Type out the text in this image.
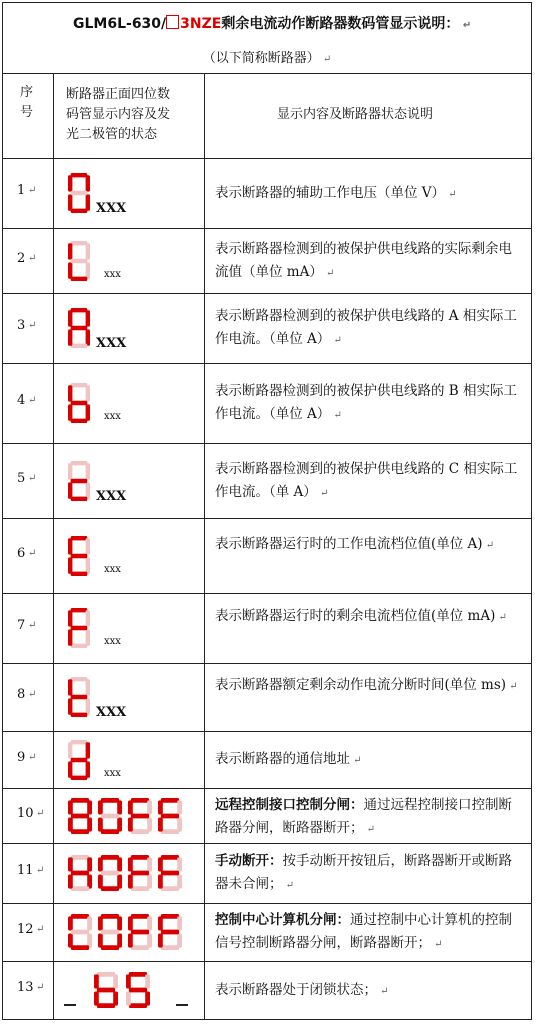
GLM6L-630/ 3NZE剩余电流动作断路器数码管显示说明： ↵
（以下简称断路器） ↵
序
号
断路器正面四位数
码管显示内容及发
光二极管的状态
显示内容及断路器状态说明
1 ↵
XXX
表示断路器的辅助工作电压（单位 V） ↵
2 ↵
xxx
表示断路器检测到的被保护供电线路的实际剩余电流值（单位 mA） ↵
3 ↵
XXX
表示断路器检测到的被保护供电线路的 A 相实际工作电流。（单位 A） ↵
4 ↵
xxx
表示断路器检测到的被保护供电线路的 B 相实际工作电流。（单位 A） ↵
5 ↵
XXX
表示断路器检测到的被保护供电线路的 C 相实际工作电流。（单 A） ↵
6 ↵
xxx
表示断路器运行时的工作电流档位值(单位 A) ↵
7 ↵
xxx
表示断路器运行时的剩余电流档位值(单位 mA) ↵
8 ↵
XXX
表示断路器额定剩余动作电流分断时间(单位 ms) ↵
9 ↵
xxx
表示断路器的通信地址 ↵
10 ↵	远程控制接口控制分闸：通过远程控制接口控制断路器分闸，断路器断开； ↵
11 ↵
手动断开：按手动断开按钮后，断路器断开或断路器未合闸； ↵
12 ↵
控制中心计算机分闸：通过控制中心计算机的控制信号控制断路器分闸，断路器断开； ↵
13 ↵	表示断路器处于闭锁状态； ↵
